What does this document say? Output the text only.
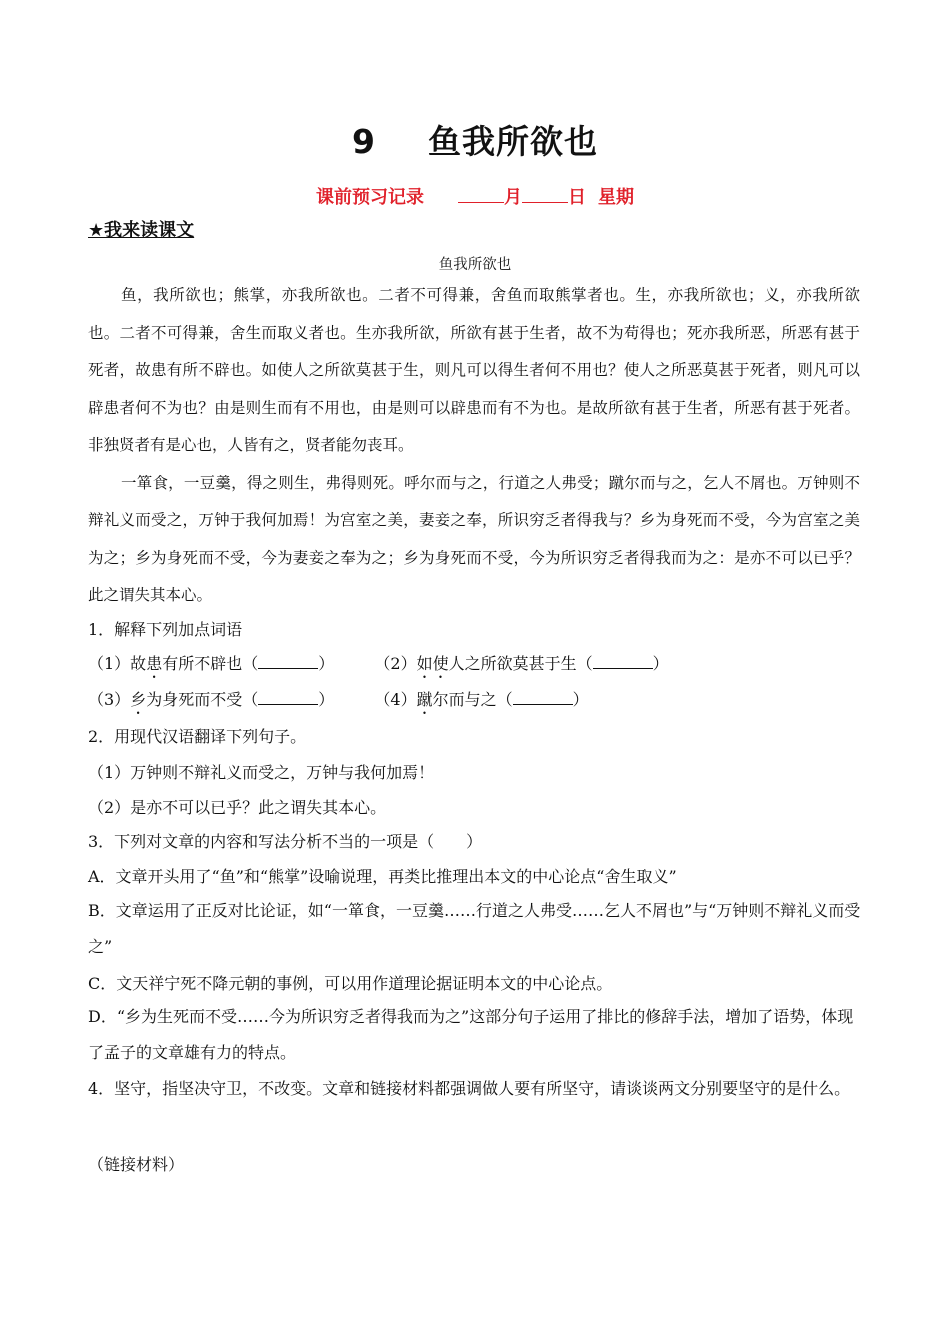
9 鱼我所欲也
课前预习记录	月	日 星期
★我来读课文
鱼我所欲也

鱼，我所欲也；熊掌，亦我所欲也。二者不可得兼，舍鱼而取熊掌者也。生，亦我所欲也；义，亦我所欲也。二者不可得兼，舍生而取义者也。生亦我所欲，所欲有甚于生者，故不为苟得也；死亦我所恶，所恶有甚于死者，故患有所不辟也。如使人之所欲莫甚于生，则凡可以得生者何不用也？使人之所恶莫甚于死者，则凡可以辟患者何不为也？由是则生而有不用也，由是则可以辟患而有不为也。是故所欲有甚于生者，所恶有甚于死者。非独贤者有是心也，人皆有之，贤者能勿丧耳。

一箪食，一豆羹，得之则生，弗得则死。呼尔而与之，行道之人弗受；蹴尔而与之，乞人不屑也。万钟则不辩礼义而受之，万钟于我何加焉！为宫室之美，妻妾之奉，所识穷乏者得我与？乡为身死而不受，今为宫室之美为之；乡为身死而不受，今为妻妾之奉为之；乡为身死而不受，今为所识穷乏者得我而为之：是亦不可以已乎？此之谓失其本心。

1．解释下列加点词语
（1）故患有所不辟也（	）	（2）如使人之所欲莫甚于生（	）
（3）乡为身死而不受（	）	（4）蹴尔而与之（	）
2．用现代汉语翻译下列句子。
（1）万钟则不辩礼义而受之，万钟与我何加焉！
（2）是亦不可以已乎？此之谓失其本心。
3．下列对文章的内容和写法分析不当的一项是（　　）
A．文章开头用了“鱼”和“熊掌”设喻说理，再类比推理出本文的中心论点“舍生取义”
B．文章运用了正反对比论证，如“一箪食，一豆羹……行道之人弗受……乞人不屑也”与“万钟则不辩礼义而受之”
C．文天祥宁死不降元朝的事例，可以用作道理论据证明本文的中心论点。
D．“乡为生死而不受……今为所识穷乏者得我而为之”这部分句子运用了排比的修辞手法，增加了语势，体现了孟子的文章雄有力的特点。
4．坚守，指坚决守卫，不改变。文章和链接材料都强调做人要有所坚守，请谈谈两文分别要坚守的是什么。
（链接材料）
